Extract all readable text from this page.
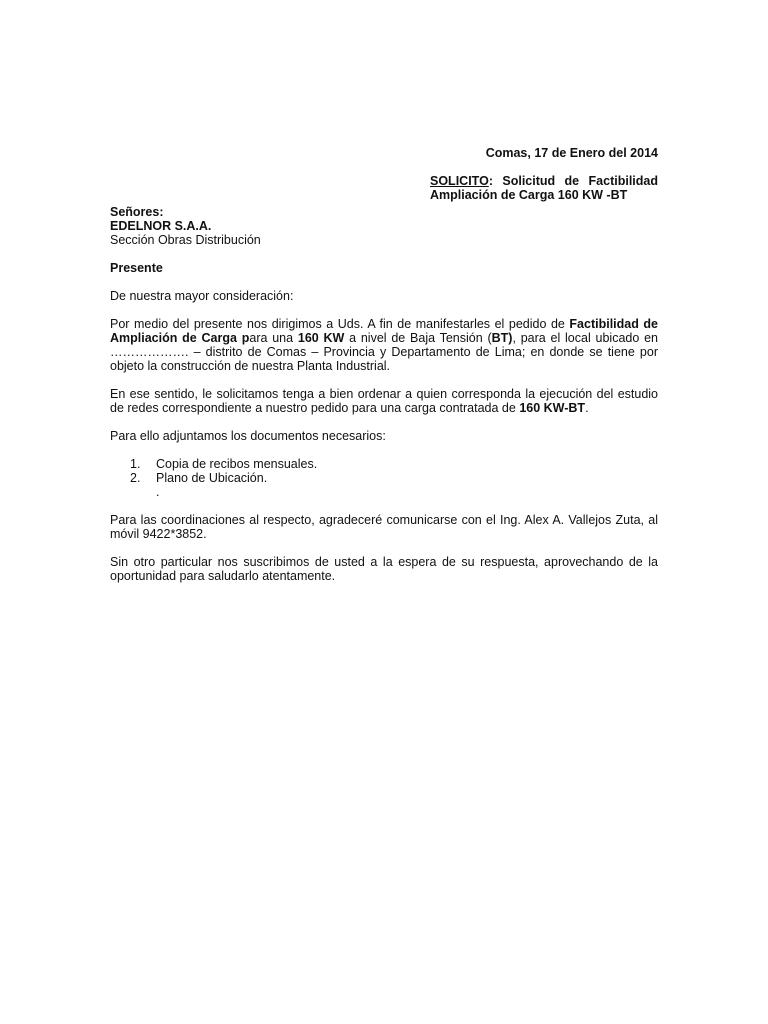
Comas, 17 de Enero del 2014
SOLICITO: Solicitud de Factibilidad Ampliación de Carga 160 KW -BT
Señores:
EDELNOR S.A.A.
Sección Obras Distribución
Presente

De nuestra mayor consideración:

Por medio del presente nos dirigimos a Uds. A fin de manifestarles el pedido de Factibilidad de Ampliación de Carga para una 160 KW a nivel de Baja Tensión (BT), para el local ubicado en ………………. – distrito de Comas – Provincia y Departamento de Lima; en donde se tiene por objeto la construcción de nuestra Planta Industrial.

En ese sentido, le solicitamos tenga a bien ordenar a quien corresponda la ejecución del estudio de redes correspondiente a nuestro pedido para una carga contratada de 160 KW-BT.

Para ello adjuntamos los documentos necesarios:

1.	Copia de recibos mensuales.
2.	Plano de Ubicación.
.

Para las coordinaciones al respecto, agradeceré comunicarse con el Ing. Alex A. Vallejos Zuta, al móvil 9422*3852.

Sin otro particular nos suscribimos de usted a la espera de su respuesta, aprovechando de la oportunidad para saludarlo atentamente.
